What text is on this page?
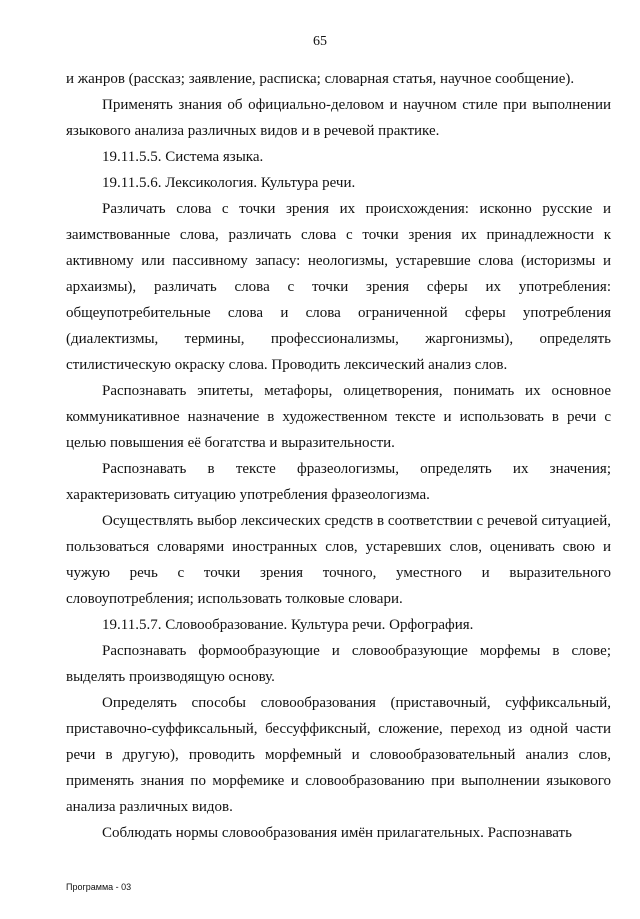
65

и жанров (рассказ; заявление, расписка; словарная статья, научное сообщение).

Применять знания об официально-деловом и научном стиле при выполнении языкового анализа различных видов и в речевой практике.

19.11.5.5. Система языка.

19.11.5.6. Лексикология. Культура речи.

Различать слова с точки зрения их происхождения: исконно русские и заимствованные слова, различать слова с точки зрения их принадлежности к активному или пассивному запасу: неологизмы, устаревшие слова (историзмы и архаизмы), различать слова с точки зрения сферы их употребления: общеупотребительные слова и слова ограниченной сферы употребления (диалектизмы, термины, профессионализмы, жаргонизмы), определять стилистическую окраску слова. Проводить лексический анализ слов.

Распознавать эпитеты, метафоры, олицетворения, понимать их основное коммуникативное назначение в художественном тексте и использовать в речи с целью повышения её богатства и выразительности.

Распознавать в тексте фразеологизмы, определять их значения; характеризовать ситуацию употребления фразеологизма.

Осуществлять выбор лексических средств в соответствии с речевой ситуацией, пользоваться словарями иностранных слов, устаревших слов, оценивать свою и чужую речь с точки зрения точного, уместного и выразительного словоупотребления; использовать толковые словари.

19.11.5.7. Словообразование. Культура речи. Орфография.

Распознавать формообразующие и словообразующие морфемы в слове; выделять производящую основу.

Определять способы словообразования (приставочный, суффиксальный, приставочно-суффиксальный, бессуффиксный, сложение, переход из одной части речи в другую), проводить морфемный и словообразовательный анализ слов, применять знания по морфемике и словообразованию при выполнении языкового анализа различных видов.

Соблюдать нормы словообразования имён прилагательных. Распознавать

Программа - 03
